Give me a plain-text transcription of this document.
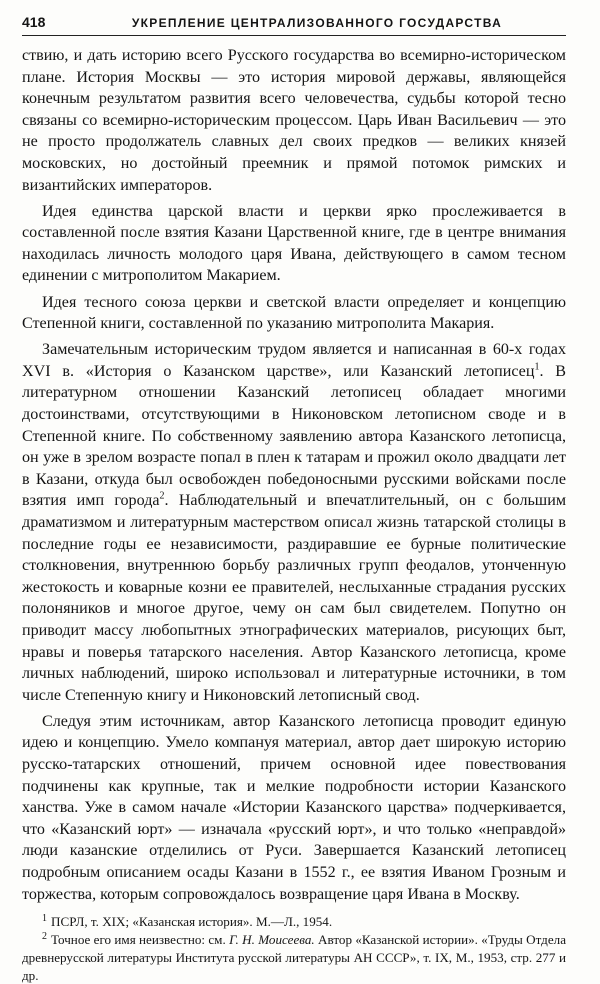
418	УКРЕПЛЕНИЕ ЦЕНТРАЛИЗОВАННОГО ГОСУДАРСТВА

ствию, и дать историю всего Русского государства во всемирно-историческом плане. История Москвы — это история мировой державы, являющейся конечным результатом развития всего человечества, судьбы которой тесно связаны со всемирно-историческим процессом. Царь Иван Васильевич — это не просто продолжатель славных дел своих предков — великих князей московских, но достойный преемник и прямой потомок римских и византийских императоров.

Идея единства царской власти и церкви ярко прослеживается в составленной после взятия Казани Царственной книге, где в центре внимания находилась личность молодого царя Ивана, действующего в самом тесном единении с митрополитом Макарием.

Идея тесного союза церкви и светской власти определяет и концепцию Степенной книги, составленной по указанию митрополита Макария.

Замечательным историческим трудом является и написанная в 60-х годах XVI в. «История о Казанском царстве», или Казанский летописец$^1$. В литературном отношении Казанский летописец обладает многими достоинствами, отсутствующими в Никоновском летописном своде и в Степенной книге. По собственному заявлению автора Казанского летописца, он уже в зрелом возрасте попал в плен к татарам и прожил около двадцати лет в Казани, откуда был освобожден победоносными русскими войсками после взятия имп города$^2$. Наблюдательный и впечатлительный, он с большим драматизмом и литературным мастерством описал жизнь татарской столицы в последние годы ее независимости, раздиравшие ее бурные политические столкновения, внутреннюю борьбу различных групп феодалов, утонченную жестокость и коварные козни ее правителей, неслыханные страдания русских полоняников и многое другое, чему он сам был свидетелем. Попутно он приводит массу любопытных этнографических материалов, рисующих быт, нравы и поверья татарского населения. Автор Казанского летописца, кроме личных наблюдений, широко использовал и литературные источники, в том числе Степенную книгу и Никоновский летописный свод.

Следуя этим источникам, автор Казанского летописца проводит единую идею и концепцию. Умело компануя материал, автор дает широкую историю русско-татарских отношений, причем основной идее повествования подчинены как крупные, так и мелкие подробности истории Казанского ханства. Уже в самом начале «Истории Казанского царства» подчеркивается, что «Казанский юрт» — изначала «русский юрт», и что только «неправдой» люди казанские отделились от Руси. Завершается Казанский летописец подробным описанием осады Казани в 1552 г., ее взятия Иваном Грозным и торжества, которым сопровождалось возвращение царя Ивана в Москву.

$^1$ ПСРЛ, т. XIX; «Казанская история». М.—Л., 1954.

$^2$ Точное его имя неизвестно: см. Г. Н. Моисеева. Автор «Казанской истории». «Труды Отдела древнерусской литературы Института русской литературы АН СССР», т. IX, М., 1953, стр. 277 и др.
